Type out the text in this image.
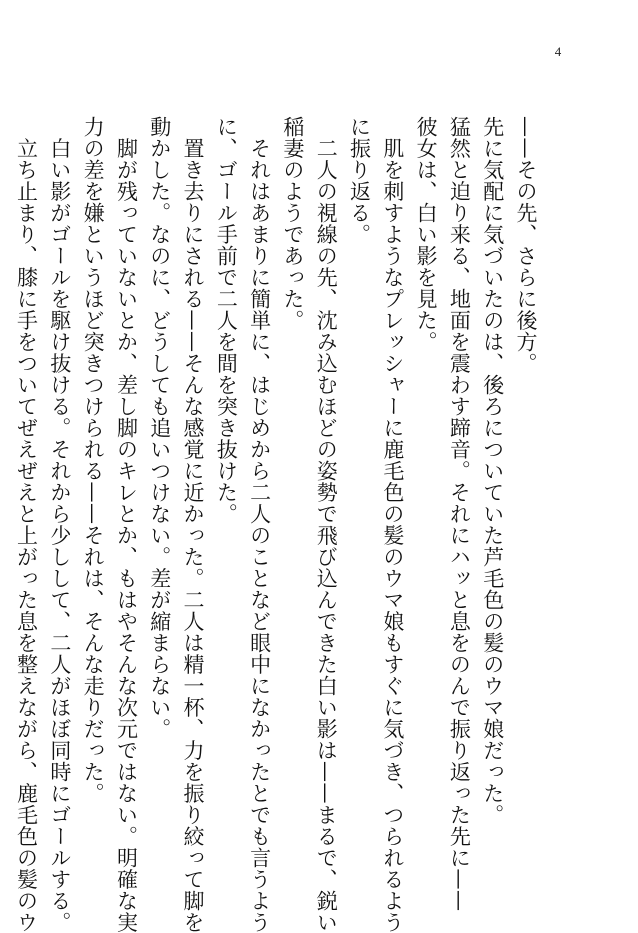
4
——その先、さらに後方。
先に気配に気づいたのは、後ろについていた芦毛色の髪のウマ娘だった。
猛然と迫り来る、地面を震わす蹄音。それにハッと息をのんで振り返った先に——
彼女は、白い影を見た。
　肌を刺すようなプレッシャーに鹿毛色の髪のウマ娘もすぐに気づき、つられるよう
に振り返る。
　二人の視線の先、沈み込むほどの姿勢で飛び込んできた白い影は——まるで、鋭い
稲妻のようであった。
　それはあまりに簡単に、はじめから二人のことなど眼中になかったとでも言うよう
に、ゴール手前で二人を間を突き抜けた。
　置き去りにされる——そんな感覚に近かった。二人は精一杯、力を振り絞って脚を
動かした。なのに、どうしても追いつけない。差が縮まらない。
　脚が残っていないとか、差し脚のキレとか、もはやそんな次元ではない。明確な実
力の差を嫌というほど突きつけられる——それは、そんな走りだった。
　白い影がゴールを駆け抜ける。それから少しして、二人がほぼ同時にゴールする。
　立ち止まり、膝に手をついてぜえぜえと上がった息を整えながら、鹿毛色の髪のウ
